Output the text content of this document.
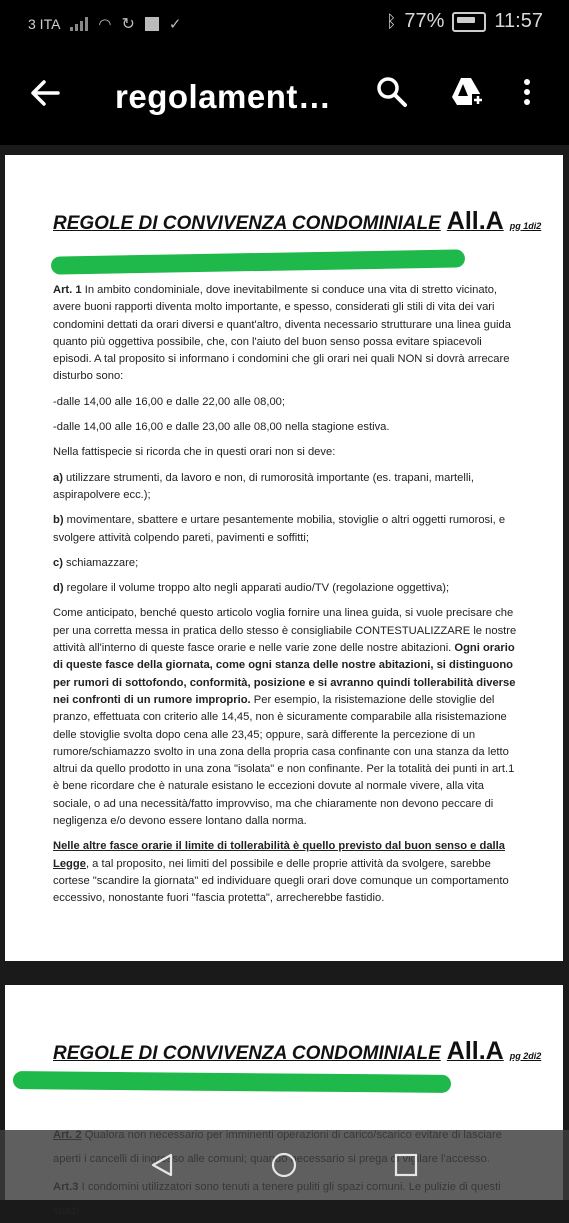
3 ITA	◠ ↻ ✓	ᛒ 77%	11:57
regolament…
REGOLE DI CONVIVENZA CONDOMINIALE All.A pg 1di2

Art. 1 In ambito condominiale, dove inevitabilmente si conduce una vita di stretto vicinato, avere buoni rapporti diventa molto importante, e spesso, considerati gli stili di vita dei vari condomini dettati da orari diversi e quant'altro, diventa necessario strutturare una linea guida quanto più oggettiva possibile, che, con l'aiuto del buon senso possa evitare spiacevoli episodi. A tal proposito si informano i condomini che gli orari nei quali NON si dovrà arrecare disturbo sono:

-dalle 14,00 alle 16,00 e dalle 22,00 alle 08,00;

-dalle 14,00 alle 16,00 e dalle 23,00 alle 08,00 nella stagione estiva.

Nella fattispecie si ricorda che in questi orari non si deve:

a) utilizzare strumenti, da lavoro e non, di rumorosità importante (es. trapani, martelli, aspirapolvere ecc.);

b) movimentare, sbattere e urtare pesantemente mobilia, stoviglie o altri oggetti rumorosi, e svolgere attività colpendo pareti, pavimenti e soffitti;

c) schiamazzare;

d) regolare il volume troppo alto negli apparati audio/TV (regolazione oggettiva);

Come anticipato, benché questo articolo voglia fornire una linea guida, si vuole precisare che per una corretta messa in pratica dello stesso è consigliabile CONTESTUALIZZARE le nostre attività all'interno di queste fasce orarie e nelle varie zone delle nostre abitazioni. Ogni orario di queste fasce della giornata, come ogni stanza delle nostre abitazioni, si distinguono per rumori di sottofondo, conformità, posizione e si avranno quindi tollerabilità diverse nei confronti di un rumore improprio. Per esempio, la risistemazione delle stoviglie del pranzo, effettuata con criterio alle 14,45, non è sicuramente comparabile alla risistemazione delle stoviglie svolta dopo cena alle 23,45; oppure, sarà differente la percezione di un rumore/schiamazzo svolto in una zona della propria casa confinante con una stanza da letto altrui da quello prodotto in una zona "isolata" e non confinante. Per la totalità dei punti in art.1 è bene ricordare che è naturale esistano le eccezioni dovute al normale vivere, alla vita sociale, o ad una necessità/fatto improvviso, ma che chiaramente non devono peccare di negligenza e/o devono essere lontano dalla norma.

Nelle altre fasce orarie il limite di tollerabilità è quello previsto dal buon senso e dalla Legge, a tal proposito, nei limiti del possibile e delle proprie attività da svolgere, sarebbe cortese "scandire la giornata" ed individuare quegli orari dove comunque un comportamento eccessivo, nonostante fuori "fascia protetta", arrecherebbe fastidio.

REGOLE DI CONVIVENZA CONDOMINIALE All.A pg 2di2

spazi
